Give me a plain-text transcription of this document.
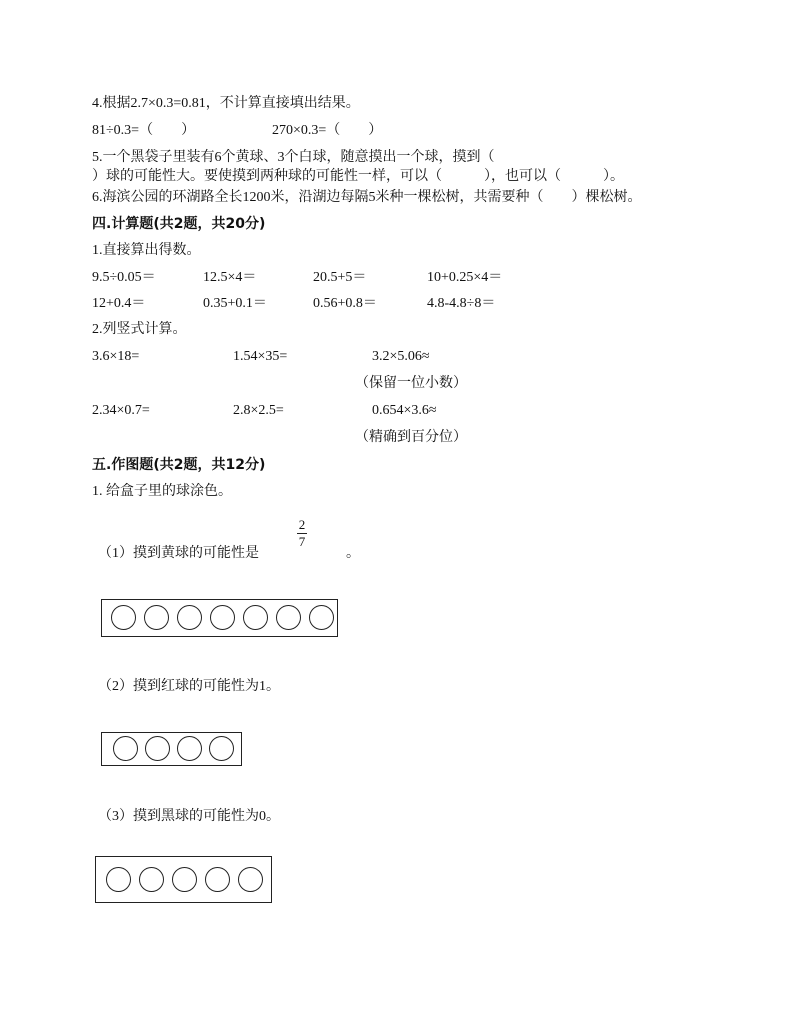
4.根据2.7×0.3=0.81，不计算直接填出结果。
81÷0.3=（　　）	270×0.3=（　　）
5.一个黑袋子里装有6个黄球、3个白球，随意摸出一个球，摸到（
）球的可能性大。要使摸到两种球的可能性一样，可以（　　　），也可以（　　　）。
6.海滨公园的环湖路全长1200米，沿湖边每隔5米种一棵松树，共需要种（　　）棵松树。
四.计算题(共2题，共20分)
1.直接算出得数。
9.5÷0.05＝	12.5×4＝	20.5+5＝	10+0.25×4＝
12+0.4＝	0.35+0.1＝	0.56+0.8＝	4.8-4.8÷8＝
2.列竖式计算。
3.6×18=	1.54×35=	3.2×5.06≈
（保留一位小数）
2.34×0.7=	2.8×2.5=	0.654×3.6≈
（精确到百分位）
五.作图题(共2题，共12分)
1. 给盒子里的球涂色。
（1）摸到黄球的可能性是
2
7
。
（2）摸到红球的可能性为1。
（3）摸到黑球的可能性为0。
